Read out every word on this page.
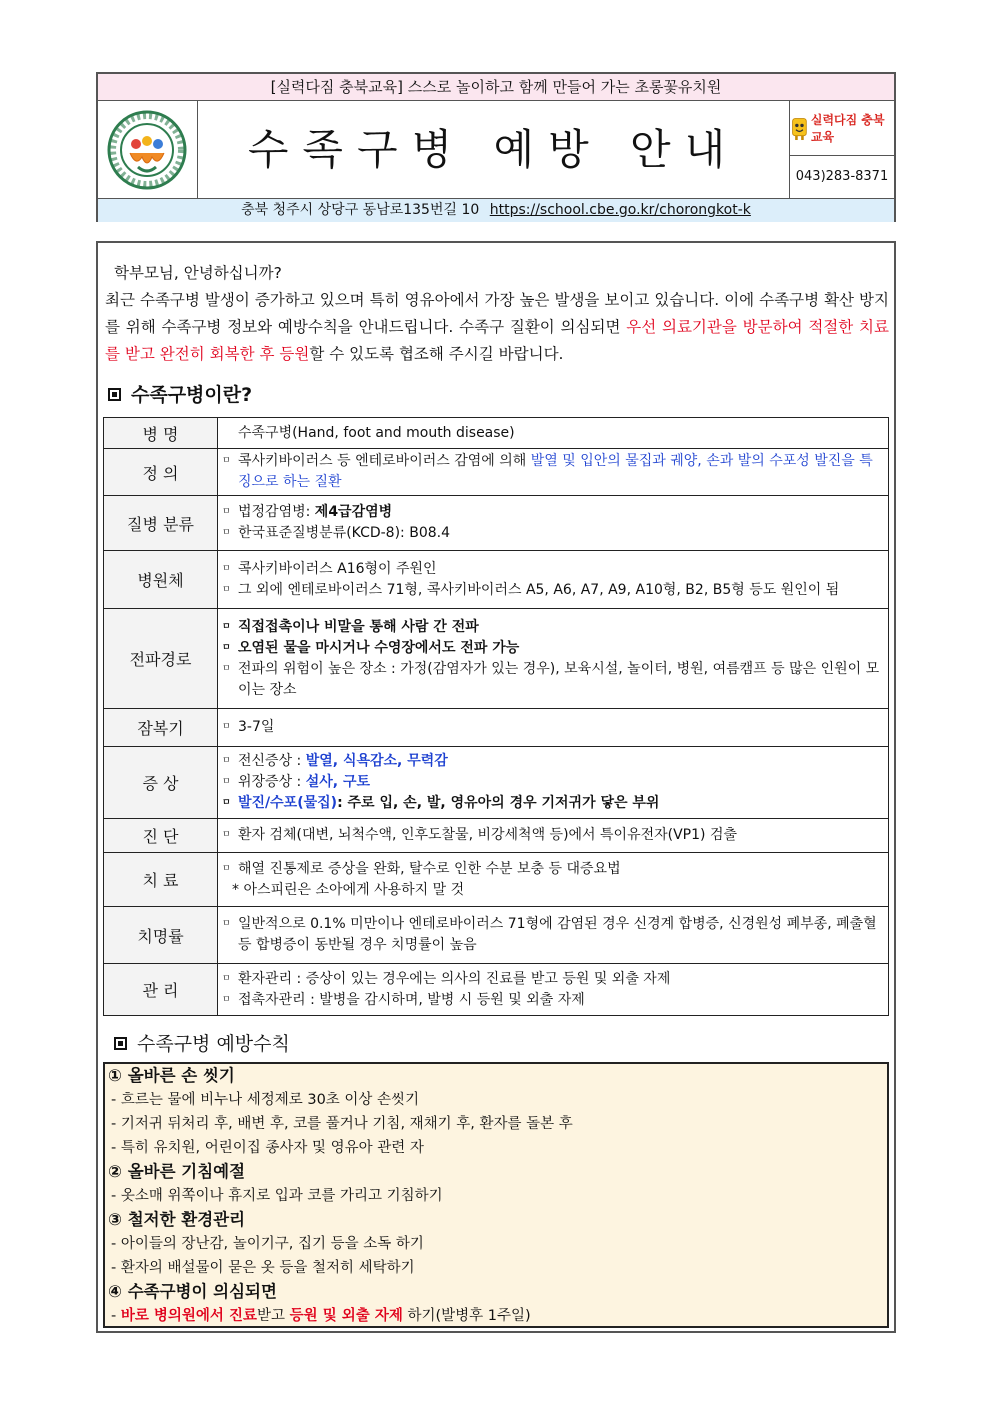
[실력다짐 충북교육] 스스로 놀이하고 함께 만들어 가는 초롱꽃유치원
수족구병 예방 안내
실력다짐 충북교육
043)283-8371
충북 청주시 상당구 동남로135번길 10 https://school.cbe.go.kr/chorongkot-k
학부모님, 안녕하십니까?
최근 수족구병 발생이 증가하고 있으며 특히 영유아에서 가장 높은 발생을 보이고 있습니다. 이에 수족구병 확산 방지를 위해 수족구병 정보와 예방수칙을 안내드립니다. 수족구 질환이 의심되면 우선 의료기관을 방문하여 적절한 치료를 받고 완전히 회복한 후 등원할 수 있도록 협조해 주시길 바랍니다.
수족구병이란?
병 명	수족구병(Hand, foot and mouth disease)

정 의	ㅁ 콕사키바이러스 등 엔테로바이러스 감염에 의해 발열 및 입안의 물집과 궤양, 손과 발의 수포성 발진을 특징으로 하는 질환

질병 분류	ㅁ 법정감염병: 제4급감염병
ㅁ 한국표준질병분류(KCD-8): B08.4

병원체	ㅁ 콕사키바이러스 A16형이 주원인
ㅁ 그 외에 엔테로바이러스 71형, 콕사키바이러스 A5, A6, A7, A9, A10형, B2, B5형 등도 원인이 됨

전파경로	ㅁ 직접접촉이나 비말을 통해 사람 간 전파
ㅁ 오염된 물을 마시거나 수영장에서도 전파 가능
ㅁ 전파의 위험이 높은 장소 : 가정(감염자가 있는 경우), 보육시설, 놀이터, 병원, 여름캠프 등 많은 인원이 모이는 장소

잠복기	ㅁ 3-7일

증 상	ㅁ 전신증상 : 발열, 식욕감소, 무력감
ㅁ 위장증상 : 설사, 구토
ㅁ 발진/수포(물집): 주로 입, 손, 발, 영유아의 경우 기저귀가 닿은 부위

진 단	ㅁ 환자 검체(대변, 뇌척수액, 인후도찰물, 비강세척액 등)에서 특이유전자(VP1) 검출

치 료	ㅁ 해열 진통제로 증상을 완화, 탈수로 인한 수분 보충 등 대증요법
* 아스피린은 소아에게 사용하지 말 것

치명률	ㅁ 일반적으로 0.1% 미만이나 엔테로바이러스 71형에 감염된 경우 신경계 합병증, 신경원성 폐부종, 폐출혈 등 합병증이 동반될 경우 치명률이 높음

관 리	ㅁ 환자관리 : 증상이 있는 경우에는 의사의 진료를 받고 등원 및 외출 자제
ㅁ 접촉자관리 : 발병을 감시하며, 발병 시 등원 및 외출 자제
수족구병 예방수칙
① 올바른 손 씻기
- 흐르는 물에 비누나 세정제로 30초 이상 손씻기
- 기저귀 뒤처리 후, 배변 후, 코를 풀거나 기침, 재채기 후, 환자를 돌본 후
- 특히 유치원, 어린이집 종사자 및 영유아 관련 자
② 올바른 기침예절
- 옷소매 위쪽이나 휴지로 입과 코를 가리고 기침하기
③ 철저한 환경관리
- 아이들의 장난감, 놀이기구, 집기 등을 소독 하기
- 환자의 배설물이 묻은 옷 등을 철저히 세탁하기
④ 수족구병이 의심되면
- 바로 병의원에서 진료받고 등원 및 외출 자제 하기(발병후 1주일)
